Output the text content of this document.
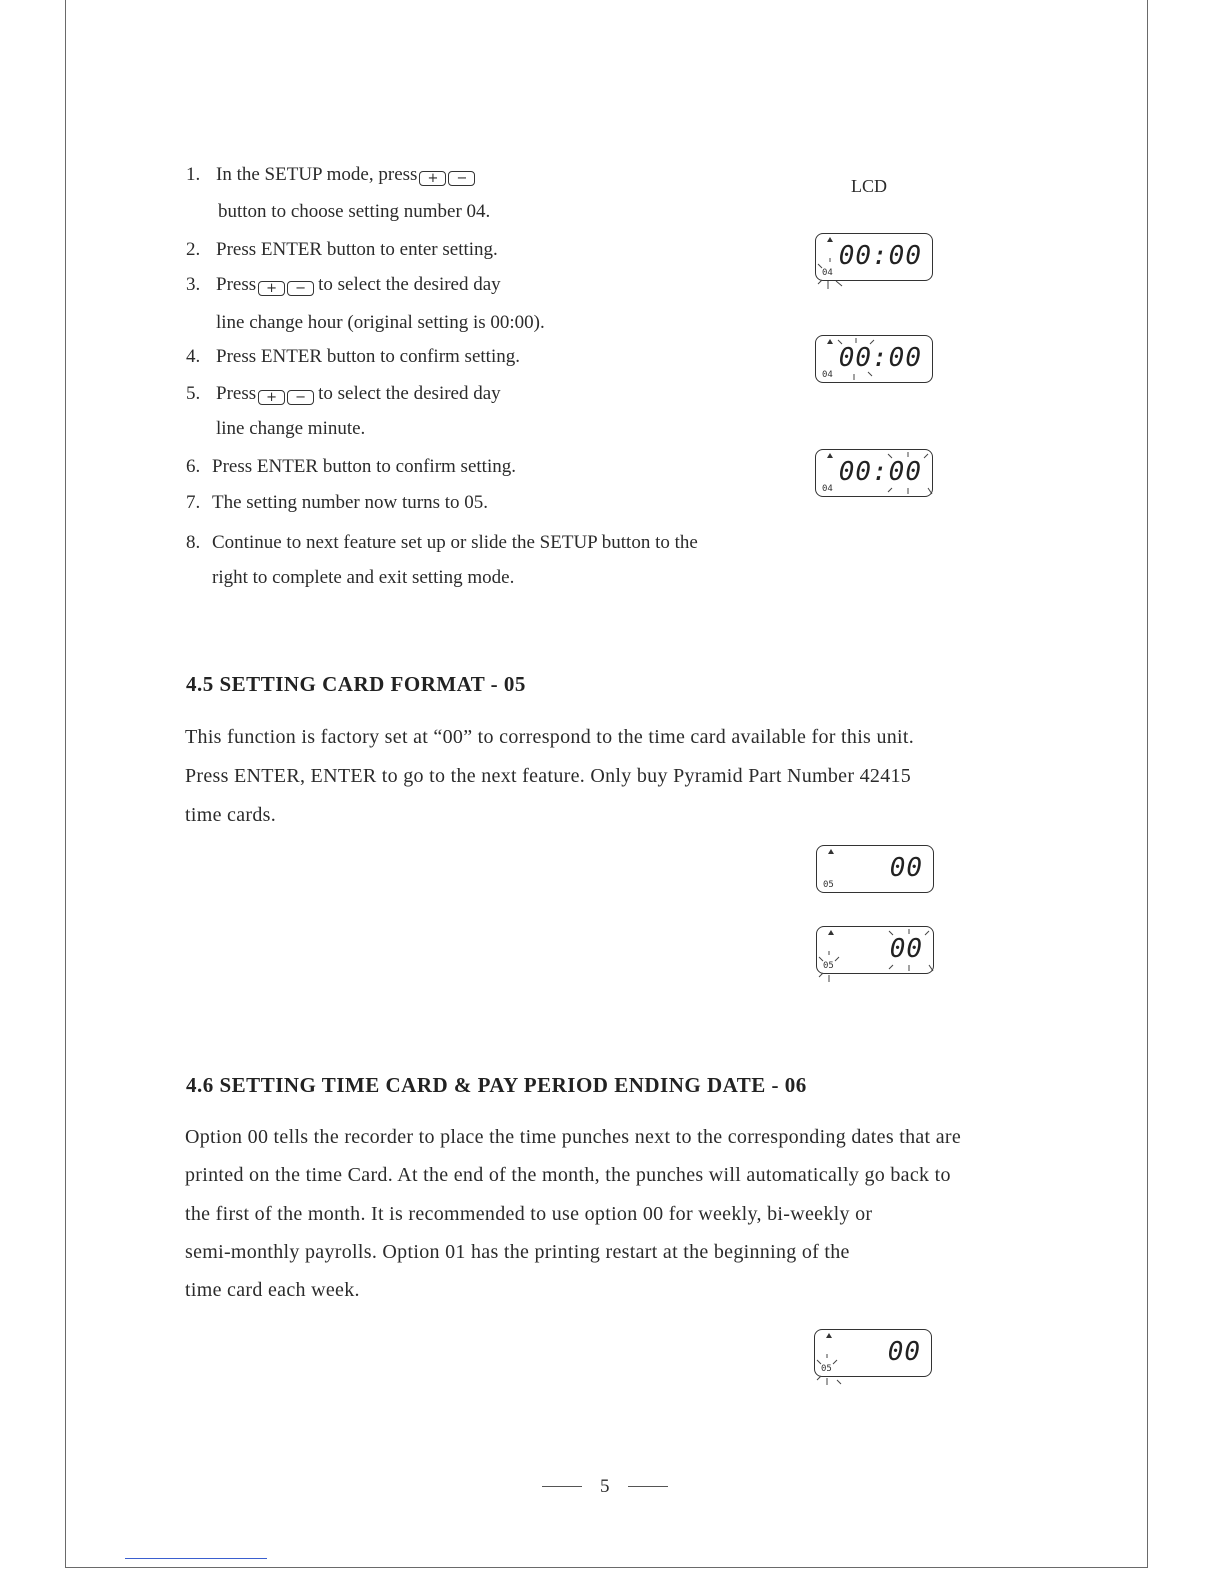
1. In the SETUP mode, press + −
button to choose setting number 04.
2. Press ENTER button to enter setting.
3. Press + − to select the desired day
line change hour (original setting is 00:00).
4. Press ENTER button to confirm setting.
5. Press + − to select the desired day
line change minute.
6. Press ENTER button to confirm setting.
7. The setting number now turns to 05.
8. Continue to next feature set up or slide the SETUP button to the
right to complete and exit setting mode.
LCD
00:00
04
00:00
04
00:00
04
4.5 SETTING CARD FORMAT - 05
This function is factory set at “00” to correspond to the time card available for this unit.
Press ENTER, ENTER to go to the next feature. Only buy Pyramid Part Number 42415
time cards.
00
05
00
05
4.6 SETTING TIME CARD & PAY PERIOD ENDING DATE - 06
Option 00 tells the recorder to place the time punches next to the corresponding dates that are
printed on the time Card. At the end of the month, the punches will automatically go back to
the first of the month. It is recommended to use option 00 for weekly, bi-weekly or
semi-monthly payrolls. Option 01 has the printing restart at the beginning of the
time card each week.
00
05
5
